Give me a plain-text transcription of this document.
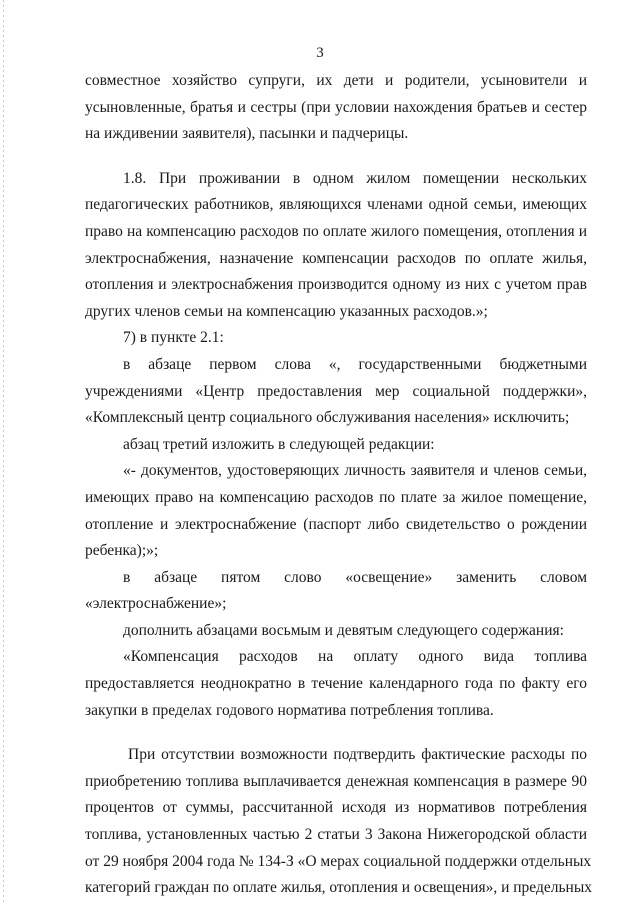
3
совместное хозяйство супруги, их дети и родители, усыновители и
усыновленные, братья и сестры (при условии нахождения братьев и сестер
на иждивении заявителя), пасынки и падчерицы.
1.8. При проживании в одном жилом помещении нескольких
педагогических работников, являющихся членами одной семьи, имеющих
право на компенсацию расходов по оплате жилого помещения, отопления и
электроснабжения, назначение компенсации расходов по оплате жилья,
отопления и электроснабжения производится одному из них с учетом прав
других членов семьи на компенсацию указанных расходов.»;
7) в пункте 2.1:
в абзаце первом слова «, государственными бюджетными
учреждениями «Центр предоставления мер социальной поддержки»,
«Комплексный центр социального обслуживания населения» исключить;
абзац третий изложить в следующей редакции:
«- документов, удостоверяющих личность заявителя и членов семьи,
имеющих право на компенсацию расходов по плате за жилое помещение,
отопление и электроснабжение (паспорт либо свидетельство о рождении
ребенка);»;
в абзаце пятом слово «освещение» заменить словом
«электроснабжение»;
дополнить абзацами восьмым и девятым следующего содержания:
«Компенсация расходов на оплату одного вида топлива
предоставляется неоднократно в течение календарного года по факту его
закупки в пределах годового норматива потребления топлива.
При отсутствии возможности подтвердить фактические расходы по
приобретению топлива выплачивается денежная компенсация в размере 90
процентов от суммы, рассчитанной исходя из нормативов потребления
топлива, установленных частью 2 статьи 3 Закона Нижегородской области
от 29 ноября 2004 года № 134-З «О мерах социальной поддержки отдельных
категорий граждан по оплате жилья, отопления и освещения», и предельных
